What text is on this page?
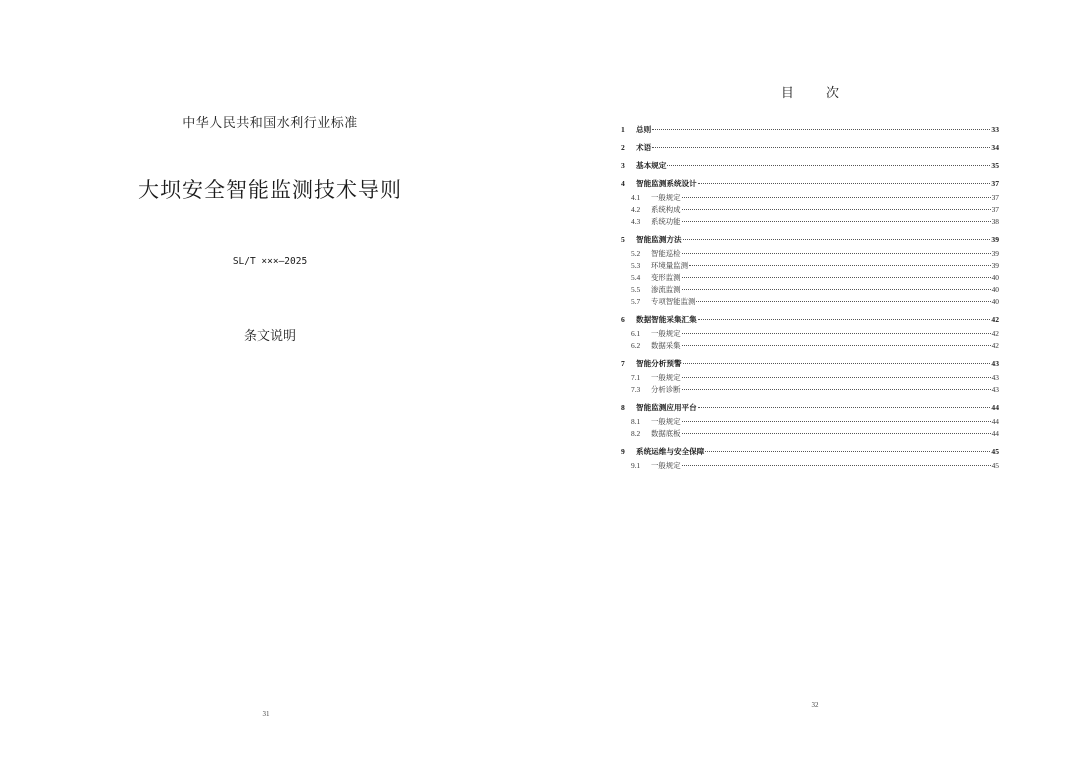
中华人民共和国水利行业标准
大坝安全智能监测技术导则
SL/T ×××—2025
条文说明
31
目 次
1	总则	33
2	术语	34
3	基本规定	35
4	智能监测系统设计	37
4.1	一般规定	37
4.2	系统构成	37
4.3	系统功能	38
5	智能监测方法	39
5.2	智能巡检	39
5.3	环境量监测	39
5.4	变形监测	40
5.5	渗流监测	40
5.7	专项智能监测	40
6	数据智能采集汇集	42
6.1	一般规定	42
6.2	数据采集	42
7	智能分析预警	43
7.1	一般规定	43
7.3	分析诊断	43
8	智能监测应用平台	44
8.1	一般规定	44
8.2	数据底板	44
9	系统运维与安全保障	45
9.1	一般规定	45
32
